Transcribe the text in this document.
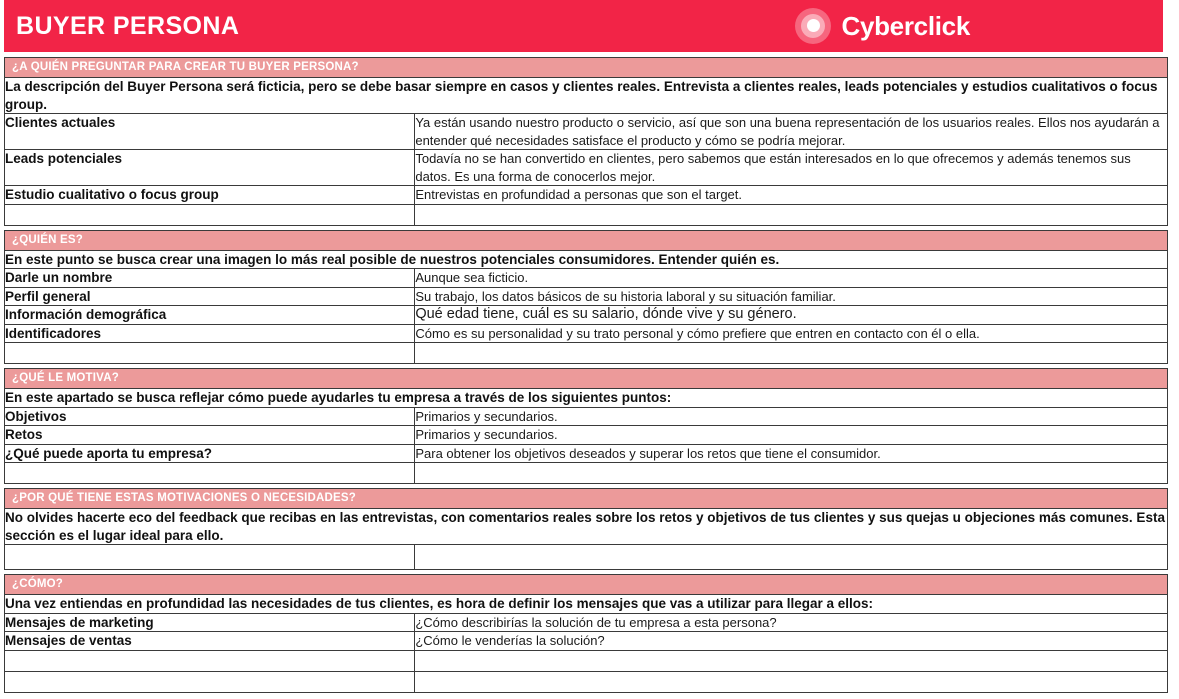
BUYER PERSONA	Cyberclick
¿A QUIÉN PREGUNTAR PARA CREAR TU BUYER PERSONA?	

La descripción del Buyer Persona será ficticia, pero se debe basar siempre en casos y clientes reales. Entrevista a clientes reales, leads potenciales y estudios cualitativos o focus group.	
Clientes actuales	Ya están usando nuestro producto o servicio, así que son una buena representación de los usuarios reales. Ellos nos ayudarán a entender qué necesidades satisface el producto y cómo se podría mejorar.
Leads potenciales	Todavía no se han convertido en clientes, pero sabemos que están interesados en lo que ofrecemos y además tenemos sus datos. Es una forma de conocerlos mejor.
Estudio cualitativo o focus group	Entrevistas en profundidad a personas que son el target.

¿QUIÉN ES?	

En este punto se busca crear una imagen lo más real posible de nuestros potenciales consumidores. Entender quién es.	
Darle un nombre	Aunque sea ficticio.
Perfil general	Su trabajo, los datos básicos de su historia laboral y su situación familiar.
Información demográfica	Qué edad tiene, cuál es su salario, dónde vive y su género.
Identificadores	Cómo es su personalidad y su trato personal y cómo prefiere que entren en contacto con él o ella.

¿QUÉ LE MOTIVA?	

En este apartado se busca reflejar cómo puede ayudarles tu empresa a través de los siguientes puntos:	
Objetivos	Primarios y secundarios.
Retos	Primarios y secundarios.
¿Qué puede aporta tu empresa?	Para obtener los objetivos deseados y superar los retos que tiene el consumidor.

¿POR QUÉ TIENE ESTAS MOTIVACIONES O NECESIDADES?	

No olvides hacerte eco del feedback que recibas en las entrevistas, con comentarios reales sobre los retos y objetivos de tus clientes y sus quejas u objeciones más comunes. Esta sección es el lugar ideal para ello.	

¿CÓMO?	

Una vez entiendas en profundidad las necesidades de tus clientes, es hora de definir los mensajes que vas a utilizar para llegar a ellos:	
Mensajes de marketing	¿Cómo describirías la solución de tu empresa a esta persona?
Mensajes de ventas	¿Cómo le venderías la solución?
